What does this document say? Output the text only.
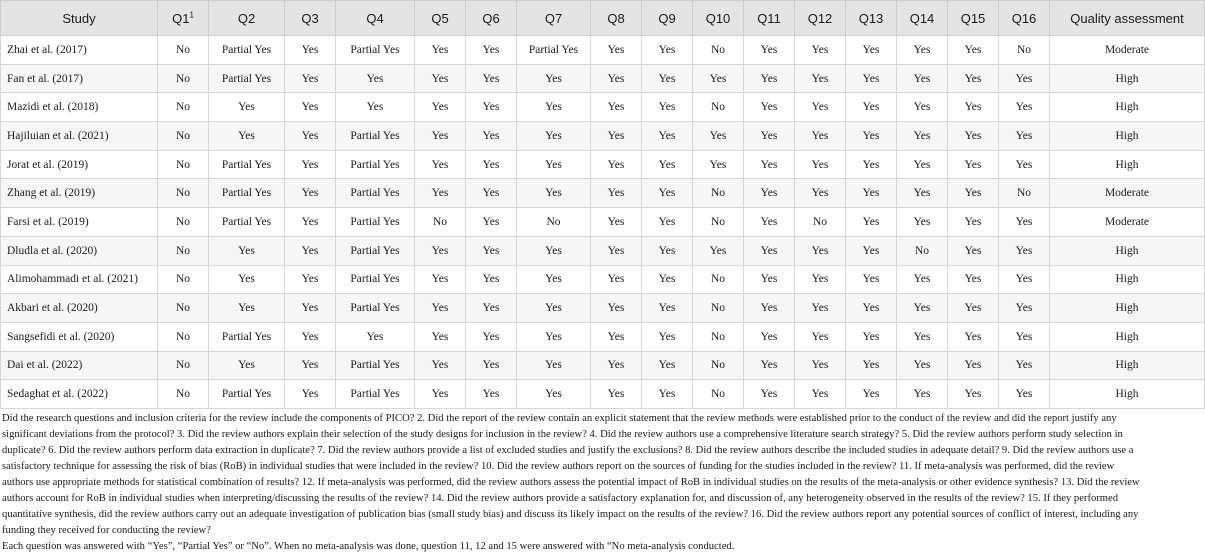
Study	$Q1^1$	Q2	Q3	Q4	Q5	Q6	Q7	Q8	Q9	Q10	Q11	Q12	Q13	Q14	Q15	Q16	Quality assessment
Zhai et al. (2017)	No	Partial Yes	Yes	Partial Yes	Yes	Yes	Partial Yes	Yes	Yes	No	Yes	Yes	Yes	Yes	Yes	No	Moderate
Fan et al. (2017)	No	Partial Yes	Yes	Yes	Yes	Yes	Yes	Yes	Yes	Yes	Yes	Yes	Yes	Yes	Yes	Yes	High
Mazidi et al. (2018)	No	Yes	Yes	Yes	Yes	Yes	Yes	Yes	Yes	No	Yes	Yes	Yes	Yes	Yes	Yes	High
Hajiluian et al. (2021)	No	Yes	Yes	Partial Yes	Yes	Yes	Yes	Yes	Yes	Yes	Yes	Yes	Yes	Yes	Yes	Yes	High
Jorat et al. (2019)	No	Partial Yes	Yes	Partial Yes	Yes	Yes	Yes	Yes	Yes	Yes	Yes	Yes	Yes	Yes	Yes	Yes	High
Zhang et al. (2019)	No	Partial Yes	Yes	Partial Yes	Yes	Yes	Yes	Yes	Yes	No	Yes	Yes	Yes	Yes	Yes	No	Moderate
Farsi et al. (2019)	No	Partial Yes	Yes	Partial Yes	No	Yes	No	Yes	Yes	No	Yes	No	Yes	Yes	Yes	Yes	Moderate
Dludla et al. (2020)	No	Yes	Yes	Partial Yes	Yes	Yes	Yes	Yes	Yes	Yes	Yes	Yes	Yes	No	Yes	Yes	High
Alimohammadi et al. (2021)	No	Yes	Yes	Partial Yes	Yes	Yes	Yes	Yes	Yes	No	Yes	Yes	Yes	Yes	Yes	Yes	High
Akbari et al. (2020)	No	Yes	Yes	Partial Yes	Yes	Yes	Yes	Yes	Yes	No	Yes	Yes	Yes	Yes	Yes	Yes	High
Sangsefidi et al. (2020)	No	Partial Yes	Yes	Yes	Yes	Yes	Yes	Yes	Yes	No	Yes	Yes	Yes	Yes	Yes	Yes	High
Dai et al. (2022)	No	Yes	Yes	Partial Yes	Yes	Yes	Yes	Yes	Yes	No	Yes	Yes	Yes	Yes	Yes	Yes	High
Sedaghat et al. (2022)	No	Partial Yes	Yes	Partial Yes	Yes	Yes	Yes	Yes	Yes	No	Yes	Yes	Yes	Yes	Yes	Yes	High

Did the research questions and inclusion criteria for the review include the components of PICO? 2. Did the report of the review contain an explicit statement that the review methods were established prior to the conduct of the review and did the report justify any significant deviations from the protocol? 3. Did the review authors explain their selection of the study designs for inclusion in the review? 4. Did the review authors use a comprehensive literature search strategy? 5. Did the review authors perform study selection in duplicate? 6. Did the review authors perform data extraction in duplicate? 7. Did the review authors provide a list of excluded studies and justify the exclusions? 8. Did the review authors describe the included studies in adequate detail? 9. Did the review authors use a satisfactory technique for assessing the risk of bias (RoB) in individual studies that were included in the review? 10. Did the review authors report on the sources of funding for the studies included in the review? 11. If meta-analysis was performed, did the review authors use appropriate methods for statistical combination of results? 12. If meta-analysis was performed, did the review authors assess the potential impact of RoB in individual studies on the results of the meta-analysis or other evidence synthesis? 13. Did the review authors account for RoB in individual studies when interpreting/discussing the results of the review? 14. Did the review authors provide a satisfactory explanation for, and discussion of, any heterogeneity observed in the results of the review? 15. If they performed quantitative synthesis, did the review authors carry out an adequate investigation of publication bias (small study bias) and discuss its likely impact on the results of the review? 16. Did the review authors report any potential sources of conflict of interest, including any funding they received for conducting the review?

Each question was answered with “Yes”, “Partial Yes” or “No”. When no meta-analysis was done, question 11, 12 and 15 were answered with “No meta-analysis conducted.
